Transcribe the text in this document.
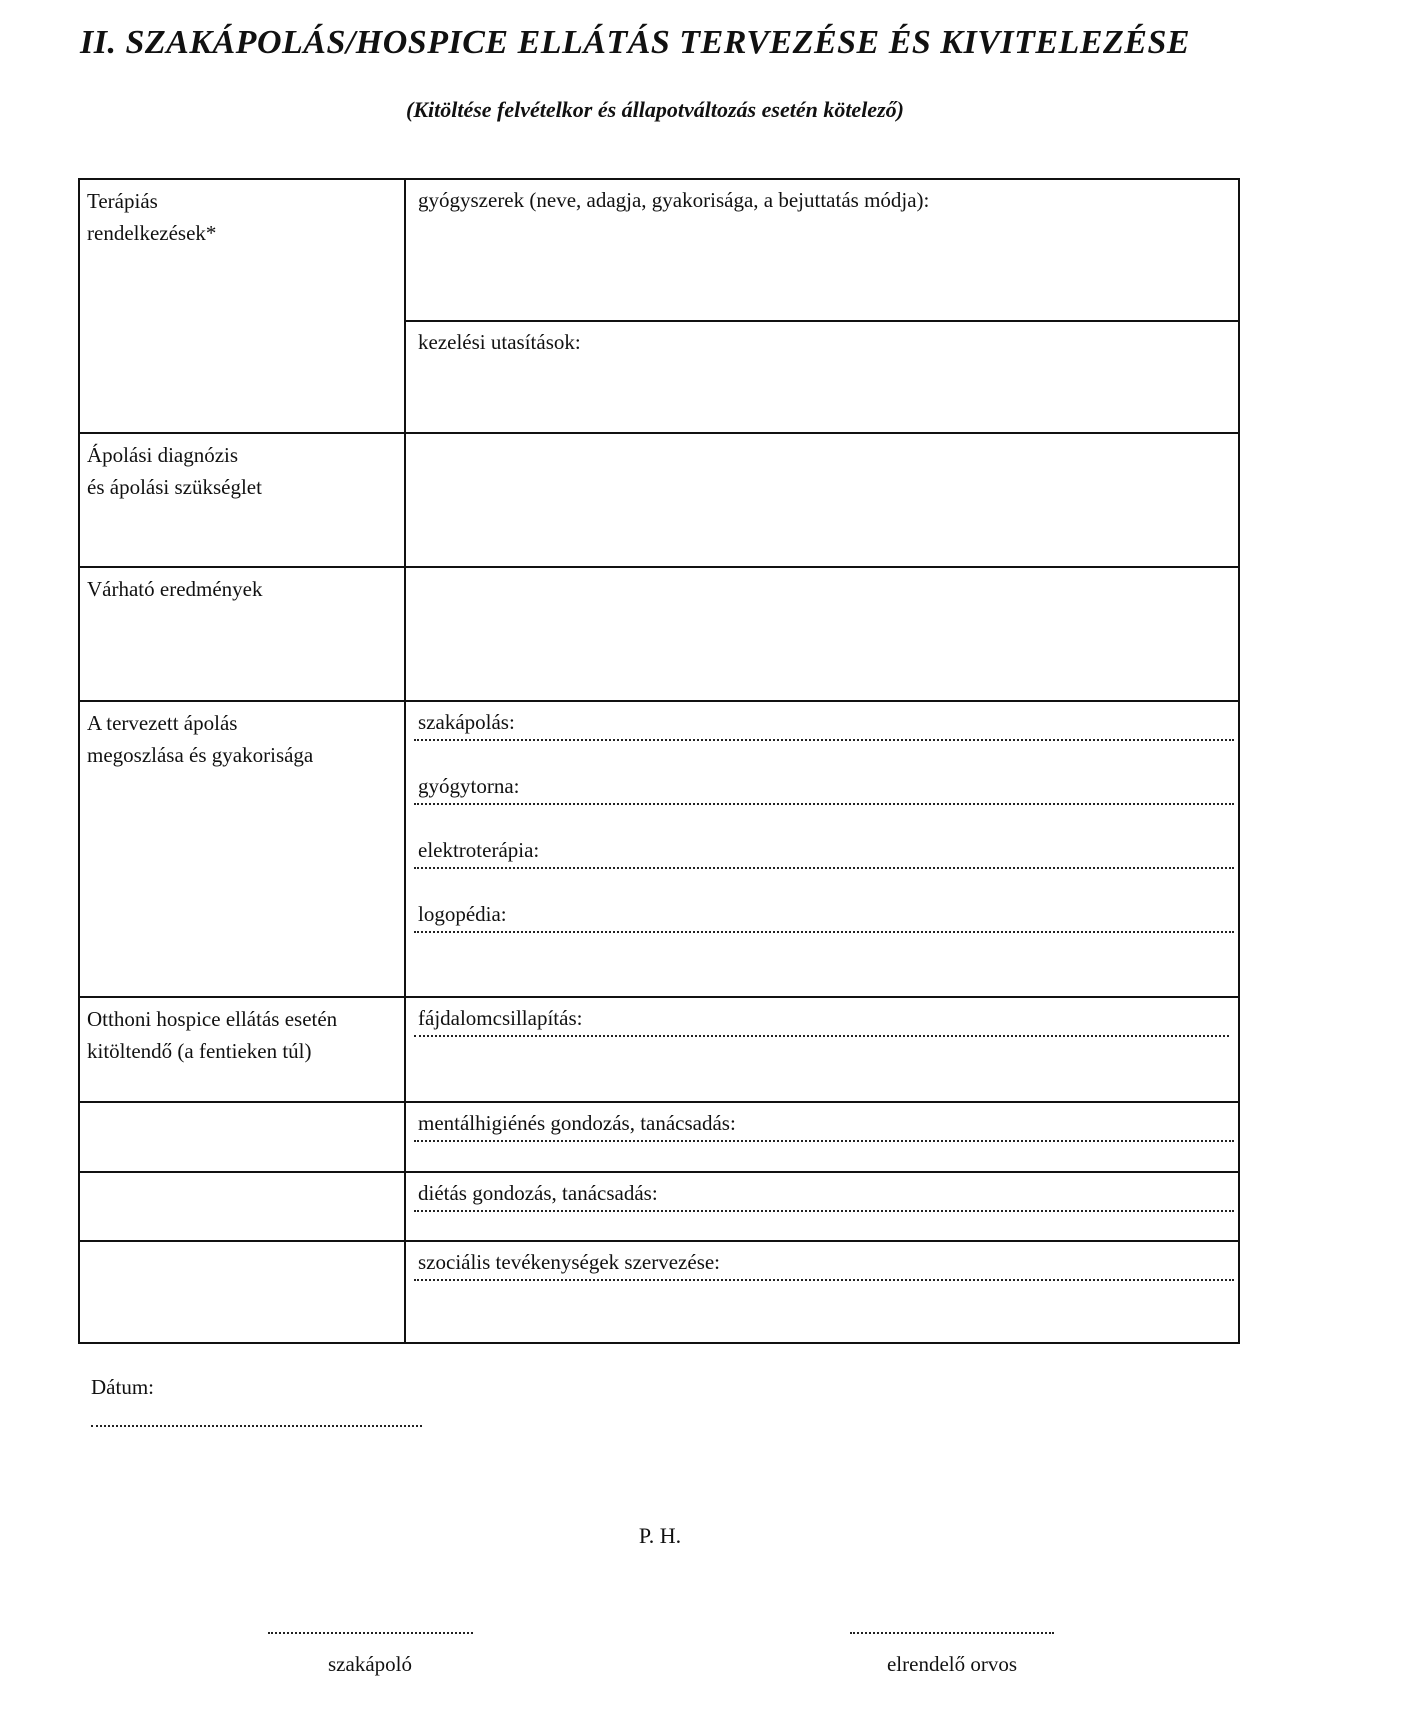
II. SZAKÁPOLÁS/HOSPICE ELLÁTÁS TERVEZÉSE ÉS KIVITELEZÉSE
(Kitöltése felvételkor és állapotváltozás esetén kötelező)
Terápiás
rendelkezések*	gyógyszerek (neve, adagja, gyakorisága, a bejuttatás módja):

	kezelési utasítások:

Ápolási diagnózis
és ápolási szükséglet	

Várható eredmények	

A tervezett ápolás
megoszlása és gyakorisága	szakápolás:
gyógytorna:
elektroterápia:
logopédia:

Otthoni hospice ellátás esetén
kitöltendő (a fentieken túl)	fájdalomcsillapítás:

	mentálhigiénés gondozás, tanácsadás:

	diétás gondozás, tanácsadás:

	szociális tevékenységek szervezése:
Dátum:
P. H.
szakápoló	elrendelő orvos
